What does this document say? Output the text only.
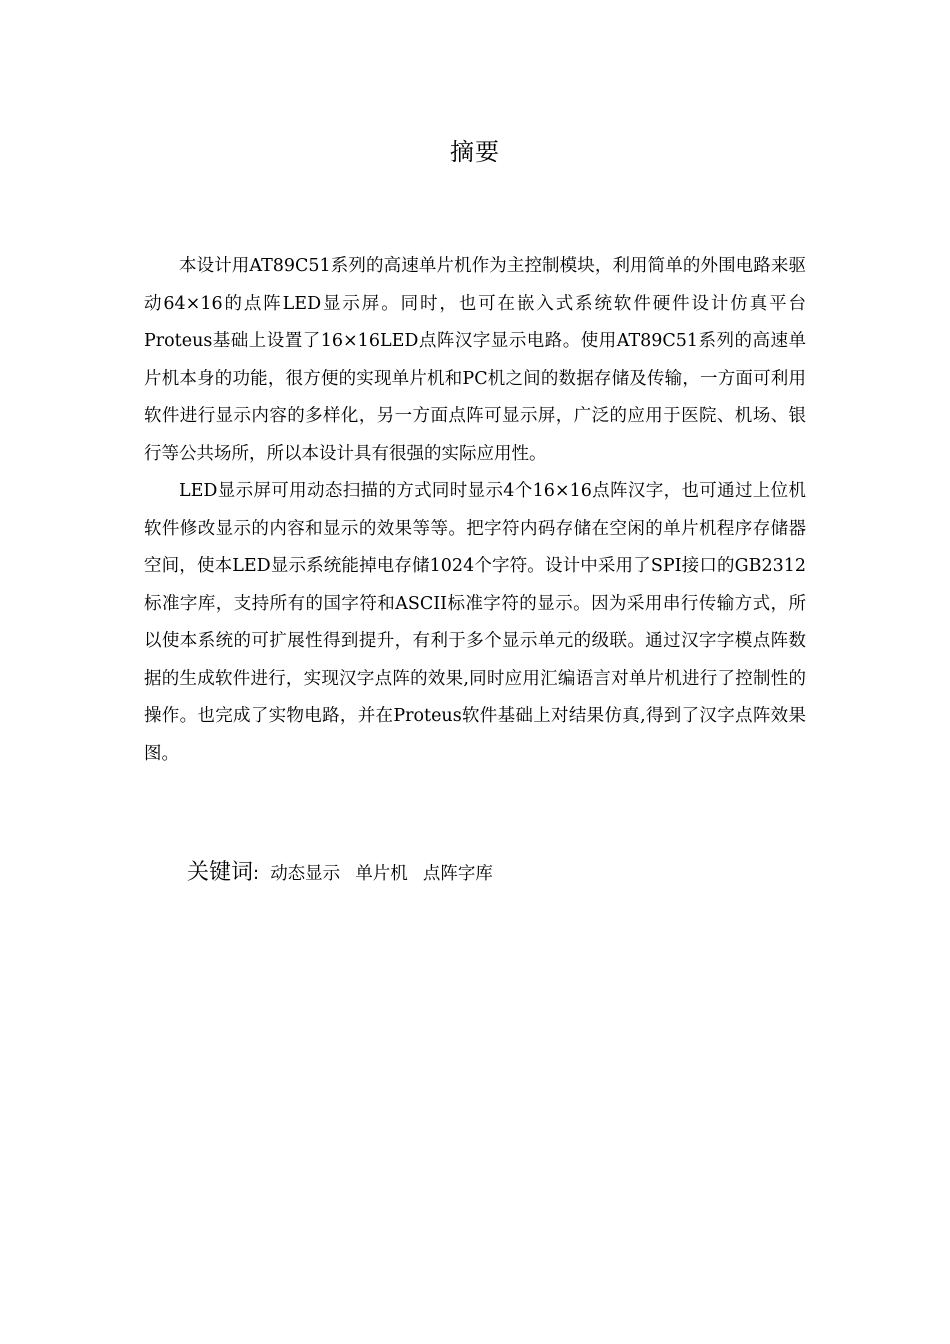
摘要

本设计用AT89C51系列的高速单片机作为主控制模块，利用简单的外围电路来驱动64×16的点阵LED显示屏。同时，也可在嵌入式系统软件硬件设计仿真平台Proteus基础上设置了16×16LED点阵汉字显示电路。使用AT89C51系列的高速单片机本身的功能，很方便的实现单片机和PC机之间的数据存储及传输，一方面可利用软件进行显示内容的多样化，另一方面点阵可显示屏，广泛的应用于医院、机场、银行等公共场所，所以本设计具有很强的实际应用性。

LED显示屏可用动态扫描的方式同时显示4个16×16点阵汉字，也可通过上位机软件修改显示的内容和显示的效果等等。把字符内码存储在空闲的单片机程序存储器空间，使本LED显示系统能掉电存储1024个字符。设计中采用了SPI接口的GB2312标准字库，支持所有的国字符和ASCII标准字符的显示。因为采用串行传输方式，所以使本系统的可扩展性得到提升，有利于多个显示单元的级联。通过汉字字模点阵数据的生成软件进行，实现汉字点阵的效果,同时应用汇编语言对单片机进行了控制性的操作。也完成了实物电路，并在Proteus软件基础上对结果仿真,得到了汉字点阵效果图。

关键词: 动态显示 单片机 点阵字库
